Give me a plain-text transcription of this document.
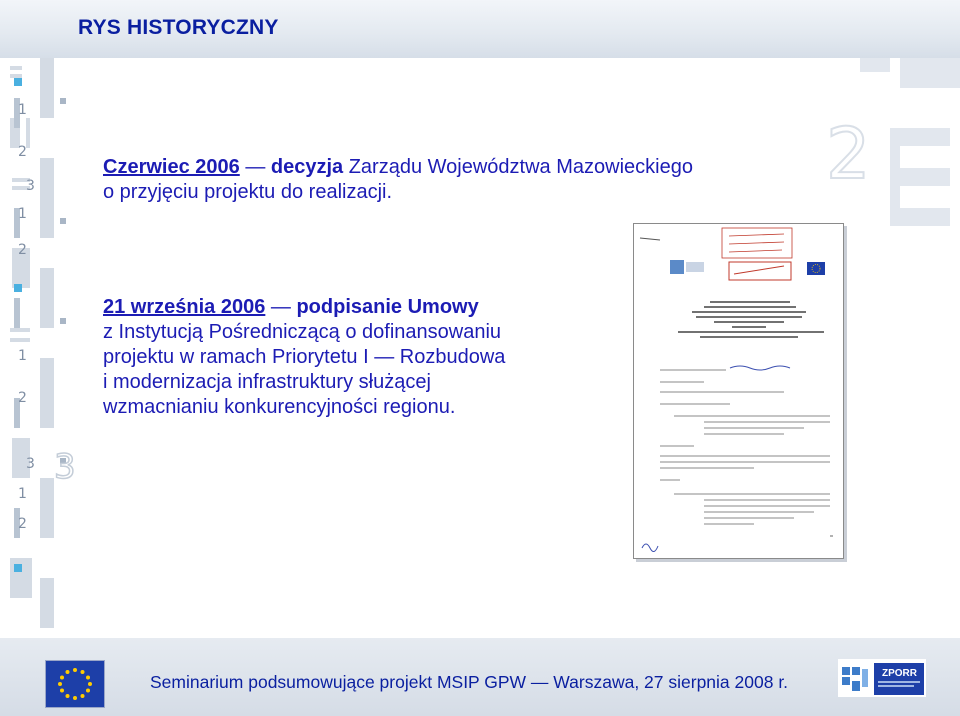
RYS HISTORYCZNY
1
2
3
1
2
1
2
3
1
2
3
2
Czerwiec 2006 — decyzja Zarządu Województwa Mazowieckiego
o przyjęciu projektu do realizacji.
21 września 2006 — podpisanie Umowy
z Instytucją Pośredniczącą o dofinansowaniu
projektu w ramach Priorytetu I — Rozbudowa
i modernizacja infrastruktury służącej
wzmacnianiu konkurencyjności regionu.
Seminarium podsumowujące projekt MSIP GPW — Warszawa, 27 sierpnia 2008 r.	ZPORR
